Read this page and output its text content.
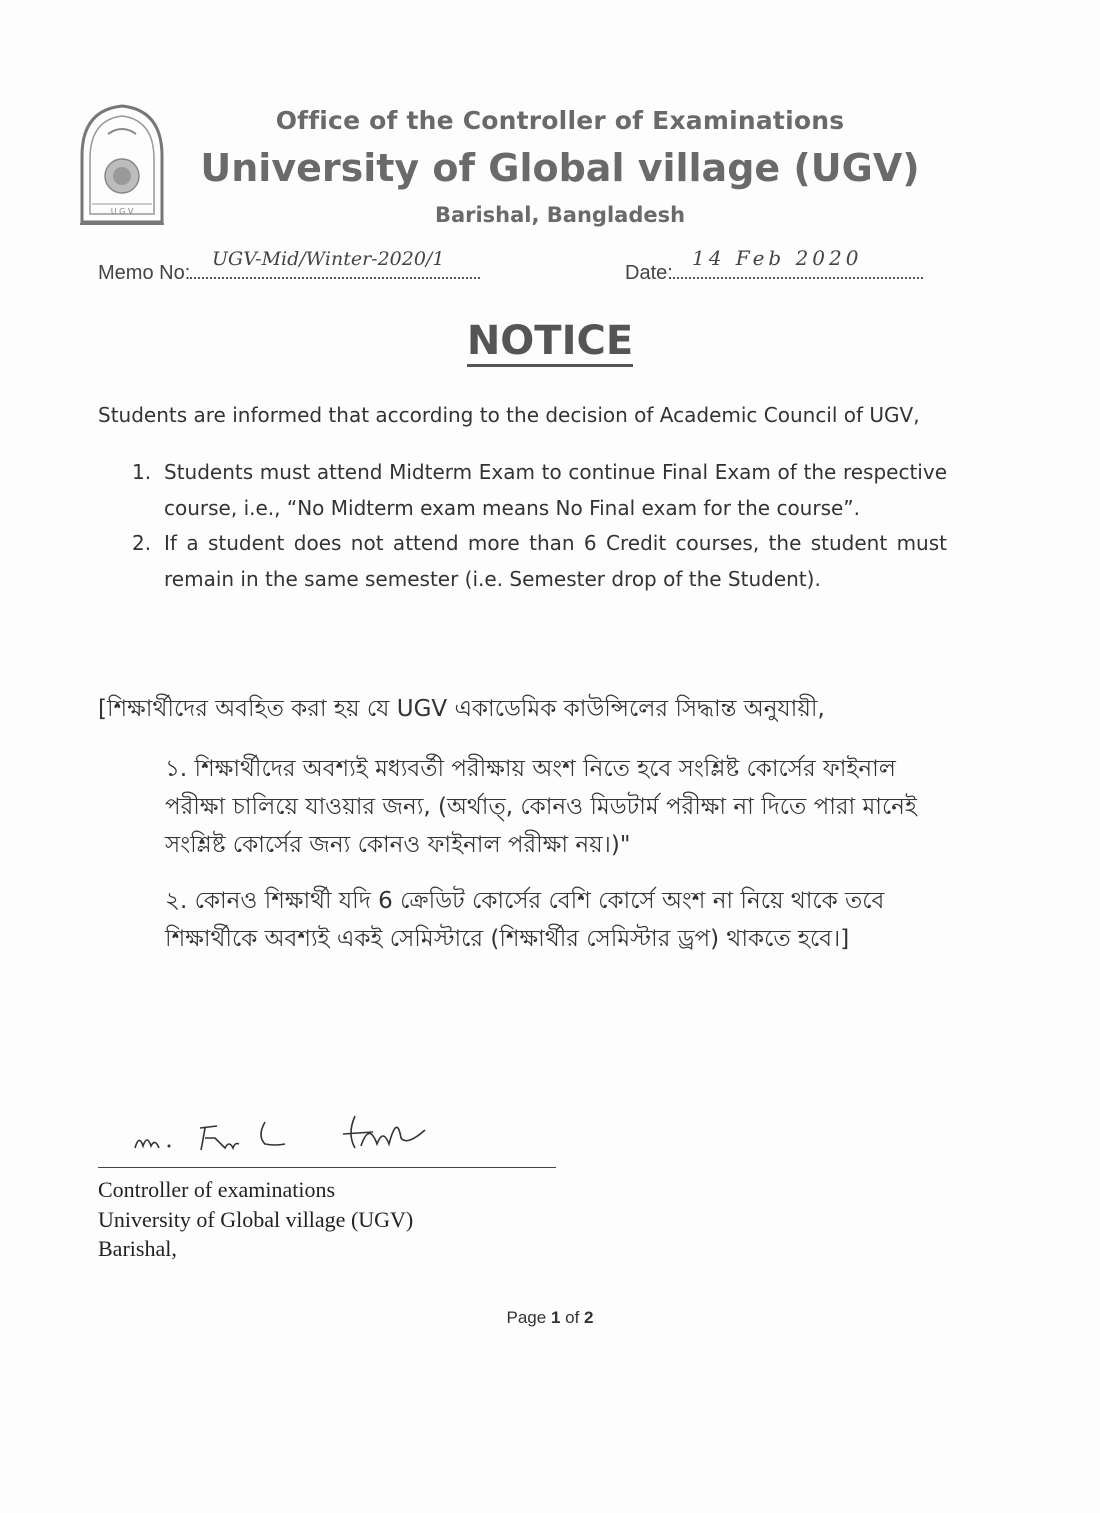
U G V
Office of the Controller of Examinations
University of Global village (UGV)
Barishal, Bangladesh
Memo No:
UGV-Mid/Winter-2020/1
Date:
14 Feb 2020
NOTICE
Students are informed that according to the decision of Academic Council of UGV,
1. Students must attend Midterm Exam to continue Final Exam of the respective course, i.e., “No Midterm exam means No Final exam for the course”.
2. If a student does not attend more than 6 Credit courses, the student must remain in the same semester (i.e. Semester drop of the Student).
[শিক্ষার্থীদের অবহিত করা হয় যে UGV একাডেমিক কাউন্সিলের সিদ্ধান্ত অনুযায়ী,
১. শিক্ষার্থীদের অবশ্যই মধ্যবর্তী পরীক্ষায় অংশ নিতে হবে সংশ্লিষ্ট কোর্সের ফাইনাল পরীক্ষা চালিয়ে যাওয়ার জন্য, (অর্থাত্‌, কোনও মিডটার্ম পরীক্ষা না দিতে পারা মানেই সংশ্লিষ্ট কোর্সের জন্য কোনও ফাইনাল পরীক্ষা নয়।)"
২. কোনও শিক্ষার্থী যদি 6 ক্রেডিট কোর্সের বেশি কোর্সে অংশ না নিয়ে থাকে তবে শিক্ষার্থীকে অবশ্যই একই সেমিস্টারে (শিক্ষার্থীর সেমিস্টার ড্রপ) থাকতে হবে।]
Controller of examinations
University of Global village (UGV)
Barishal,
Page 1 of 2
